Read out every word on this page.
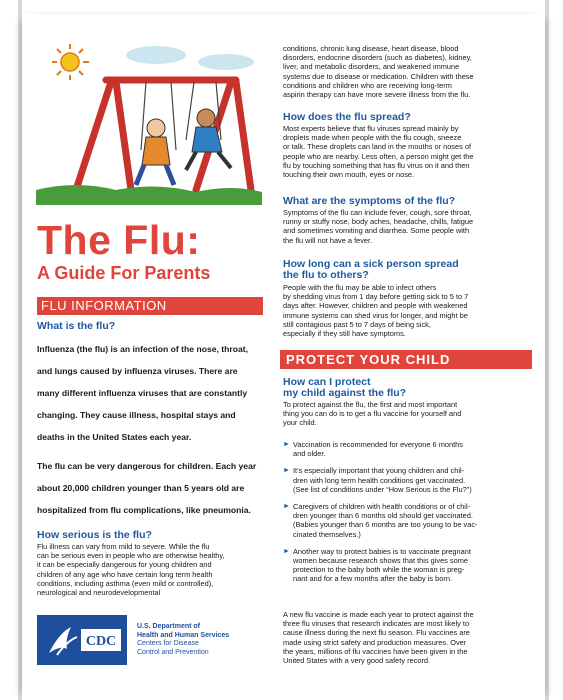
The Flu:
A Guide For Parents
FLU INFORMATION
What is the flu?
Influenza (the flu) is an infection of the nose, throat,
and lungs caused by influenza viruses. There are
many different influenza viruses that are constantly
changing. They cause illness, hospital stays and
deaths in the United States each year.
The flu can be very dangerous for children. Each year
about 20,000 children younger than 5 years old are
hospitalized from flu complications, like pneumonia.
How serious is the flu?
Flu illness can vary from mild to severe. While the flu
can be serious even in people who are otherwise healthy,
it can be especially dangerous for young children and
children of any age who have certain long term health
conditions, including asthma (even mild or controlled),
neurological and neurodevelopmental
CDC
U.S. Department of
Health and Human Services
Centers for Disease
Control and Prevention
conditions, chronic lung disease, heart disease, blood
disorders, endocrine disorders (such as diabetes), kidney,
liver, and metabolic disorders, and weakened immune
systems due to disease or medication. Children with these
conditions and children who are receiving long-term
aspirin therapy can have more severe illness from the flu.
How does the flu spread?
Most experts believe that flu viruses spread mainly by
droplets made when people with the flu cough, sneeze
or talk. These droplets can land in the mouths or noses of
people who are nearby. Less often, a person might get the
flu by touching something that has flu virus on it and then
touching their own mouth, eyes or nose.
What are the symptoms of the flu?
Symptoms of the flu can include fever, cough, sore throat,
runny or stuffy nose, body aches, headache, chills, fatigue
and sometimes vomiting and diarrhea. Some people with
the flu will not have a fever.
How long can a sick person spread
the flu to others?
People with the flu may be able to infect others
by shedding virus from 1 day before getting sick to 5 to 7
days after. However, children and people with weakened
immune systems can shed virus for longer, and might be
still contagious past 5 to 7 days of being sick,
especially if they still have symptoms.
PROTECT YOUR CHILD
How can I protect
my child against the flu?
To protect against the flu, the first and most important
thing you can do is to get a flu vaccine for yourself and
your child.
► Vaccination is recommended for everyone 6 months
and older.
► It's especially important that young children and chil-
dren with long term health conditions get vaccinated.
(See list of conditions under “How Serious is the Flu?”)
► Caregivers of children with health conditions or of chil-
dren younger than 6 months old should get vaccinated.
(Babies younger than 6 months are too young to be vac-
cinated themselves.)
► Another way to protect babies is to vaccinate pregnant
women because research shows that this gives some
protection to the baby both while the woman is preg-
nant and for a few months after the baby is born.
A new flu vaccine is made each year to protect against the
three flu viruses that research indicates are most likely to
cause illness during the next flu season. Flu vaccines are
made using strict safety and production measures. Over
the years, millions of flu vaccines have been given in the
United States with a very good safety record.
